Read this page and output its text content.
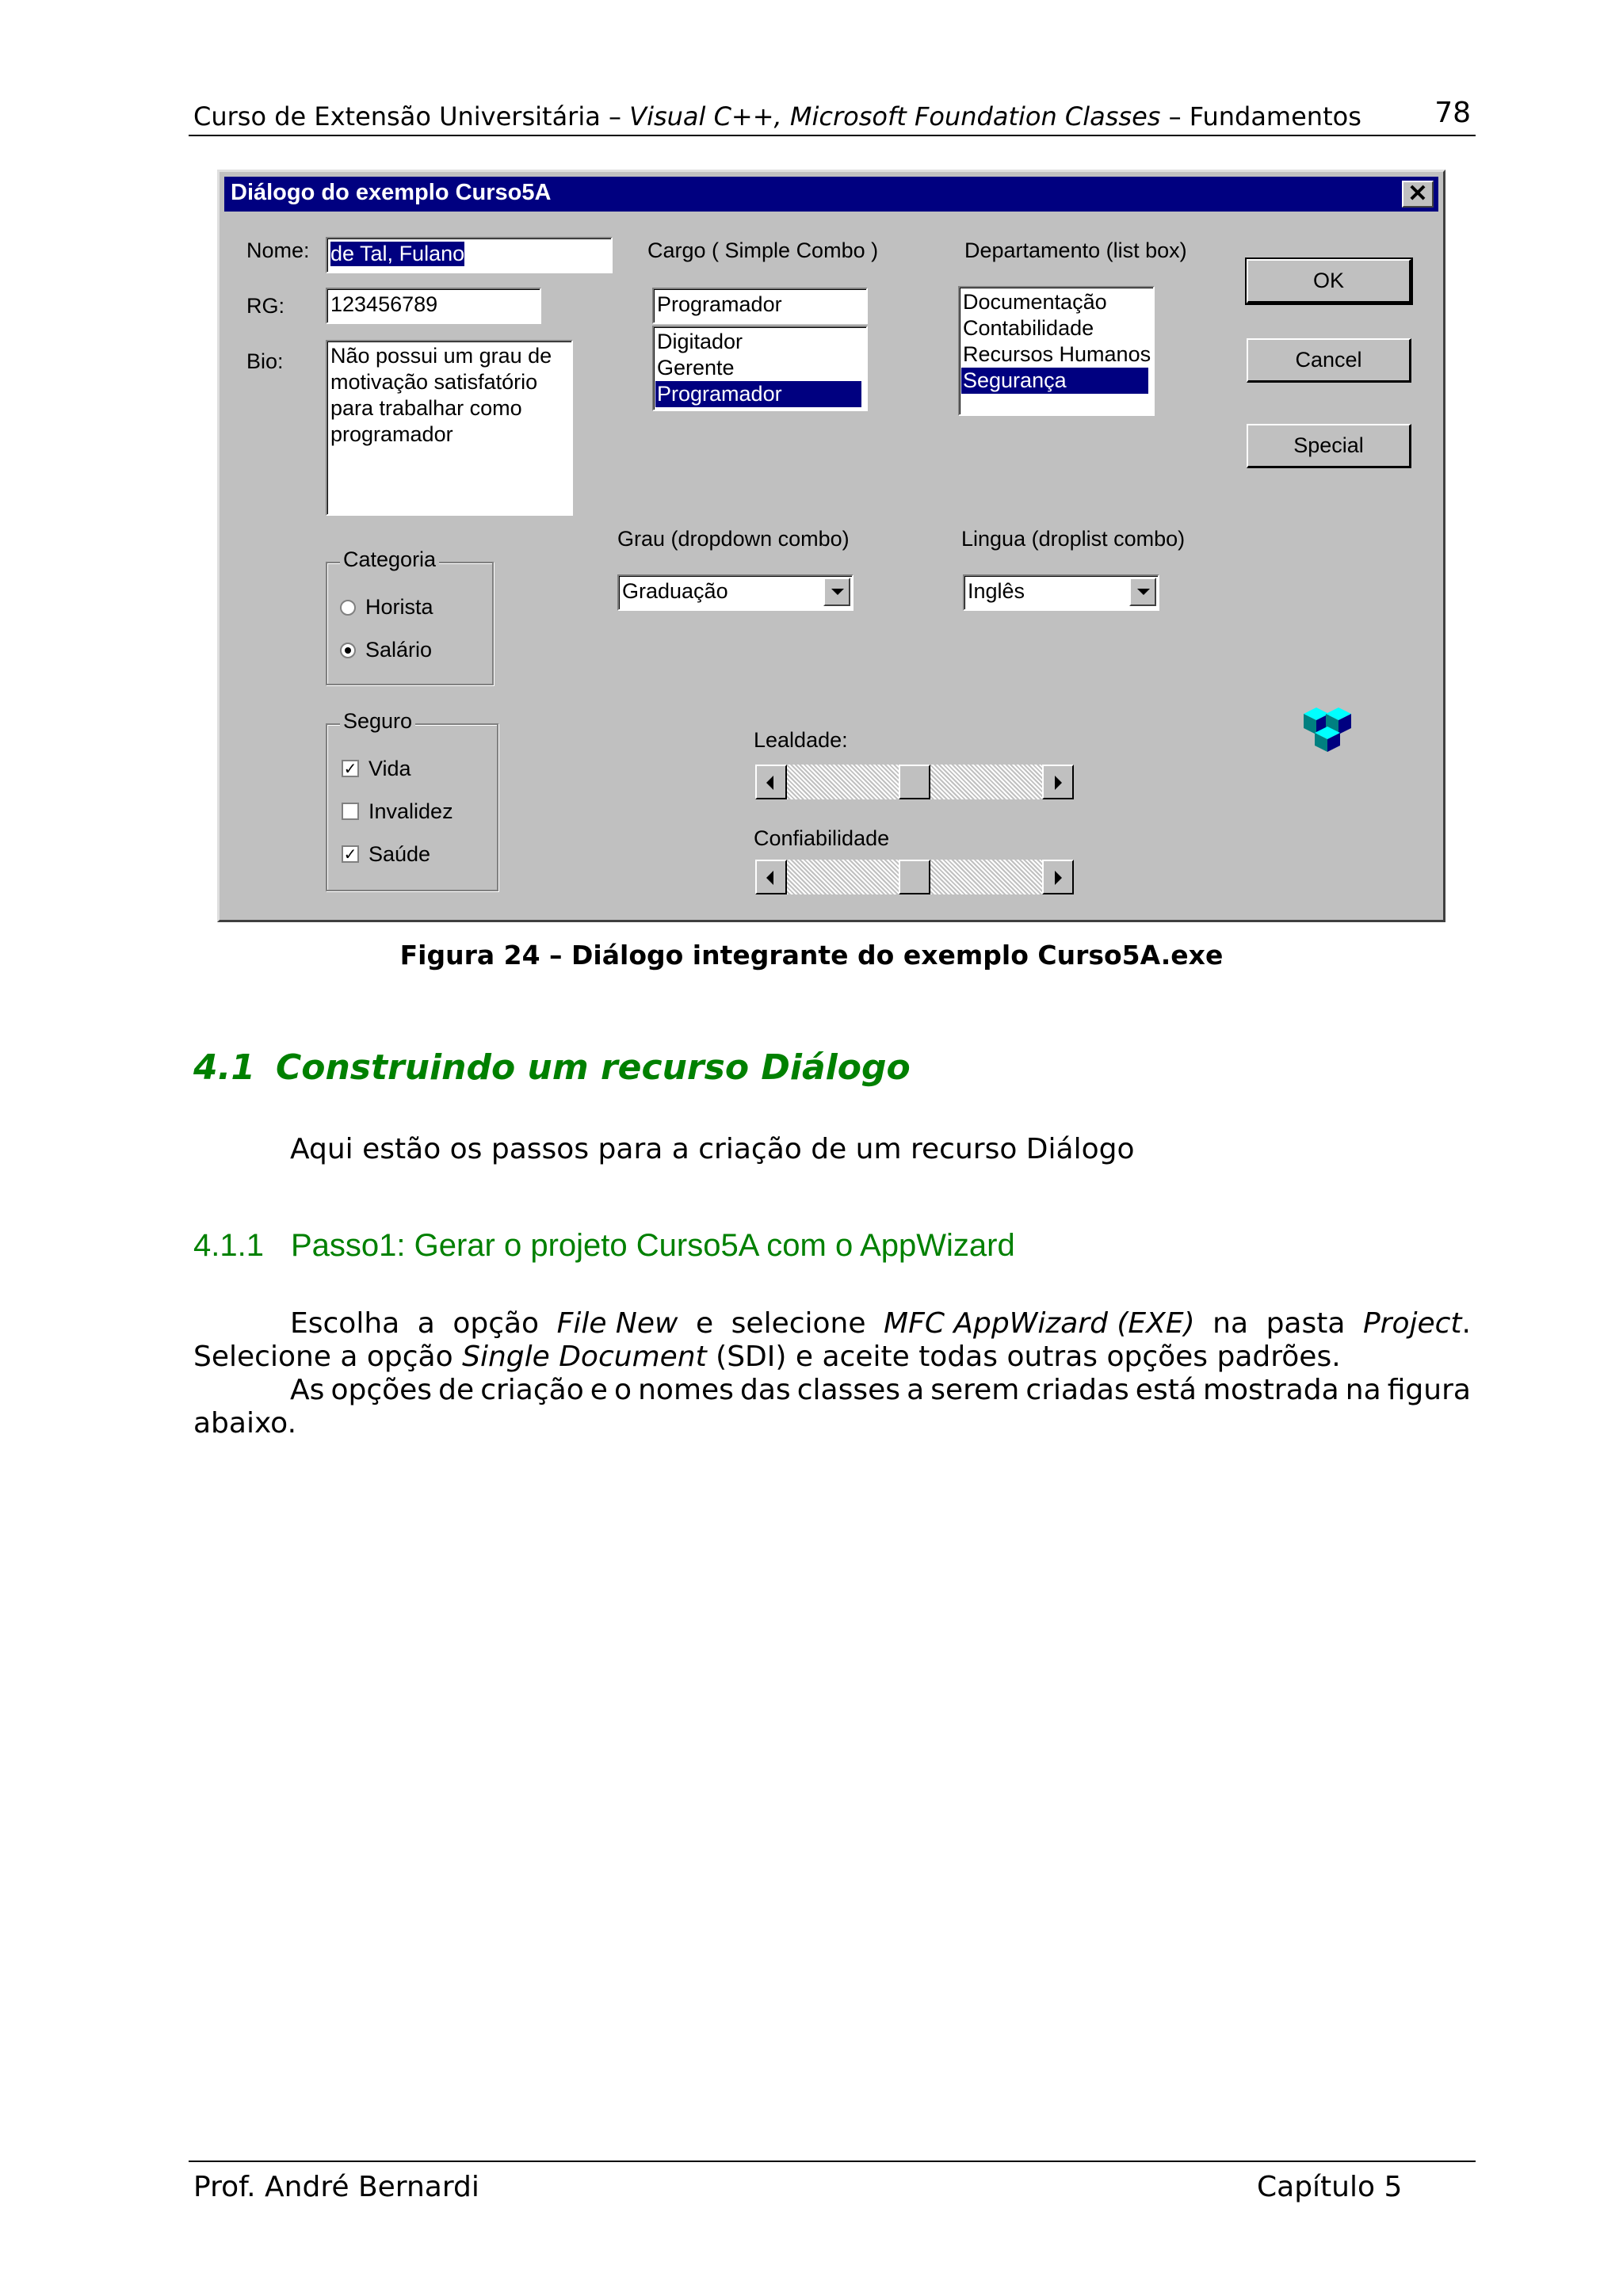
Curso de Extensão Universitária – Visual C++, Microsoft Foundation Classes – Fundamentos	78
Diálogo do exemplo Curso5A	✕
Nome: de Tal, Fulano
RG: 123456789
Bio: Não possui um grau de
motivação satisfatório
para trabalhar como
programador
Cargo ( Simple Combo )
Programador
Digitador
Gerente
Programador
Departamento (list box)
Documentação
Contabilidade
Recursos Humanos
Segurança
OK
Cancel
Special
Grau (dropdown combo)
Graduação
Lingua (droplist combo)
Inglês
Categoria
Horista
Salário
Seguro
✓ Vida
Invalidez
✓ Saúde
Lealdade:
Confiabilidade
Figura 24 – Diálogo integrante do exemplo Curso5A.exe
4.1 Construindo um recurso Diálogo
Aqui estão os passos para a criação de um recurso Diálogo
4.1.1 Passo1: Gerar o projeto Curso5A com o AppWizard
Escolha a opção File New e selecione MFC AppWizard (EXE) na pasta Project.
Selecione a opção Single Document (SDI) e aceite todas outras opções padrões.
As opções de criação e o nomes das classes a serem criadas está mostrada na figura
abaixo.
Prof. André Bernardi	Capítulo 5
